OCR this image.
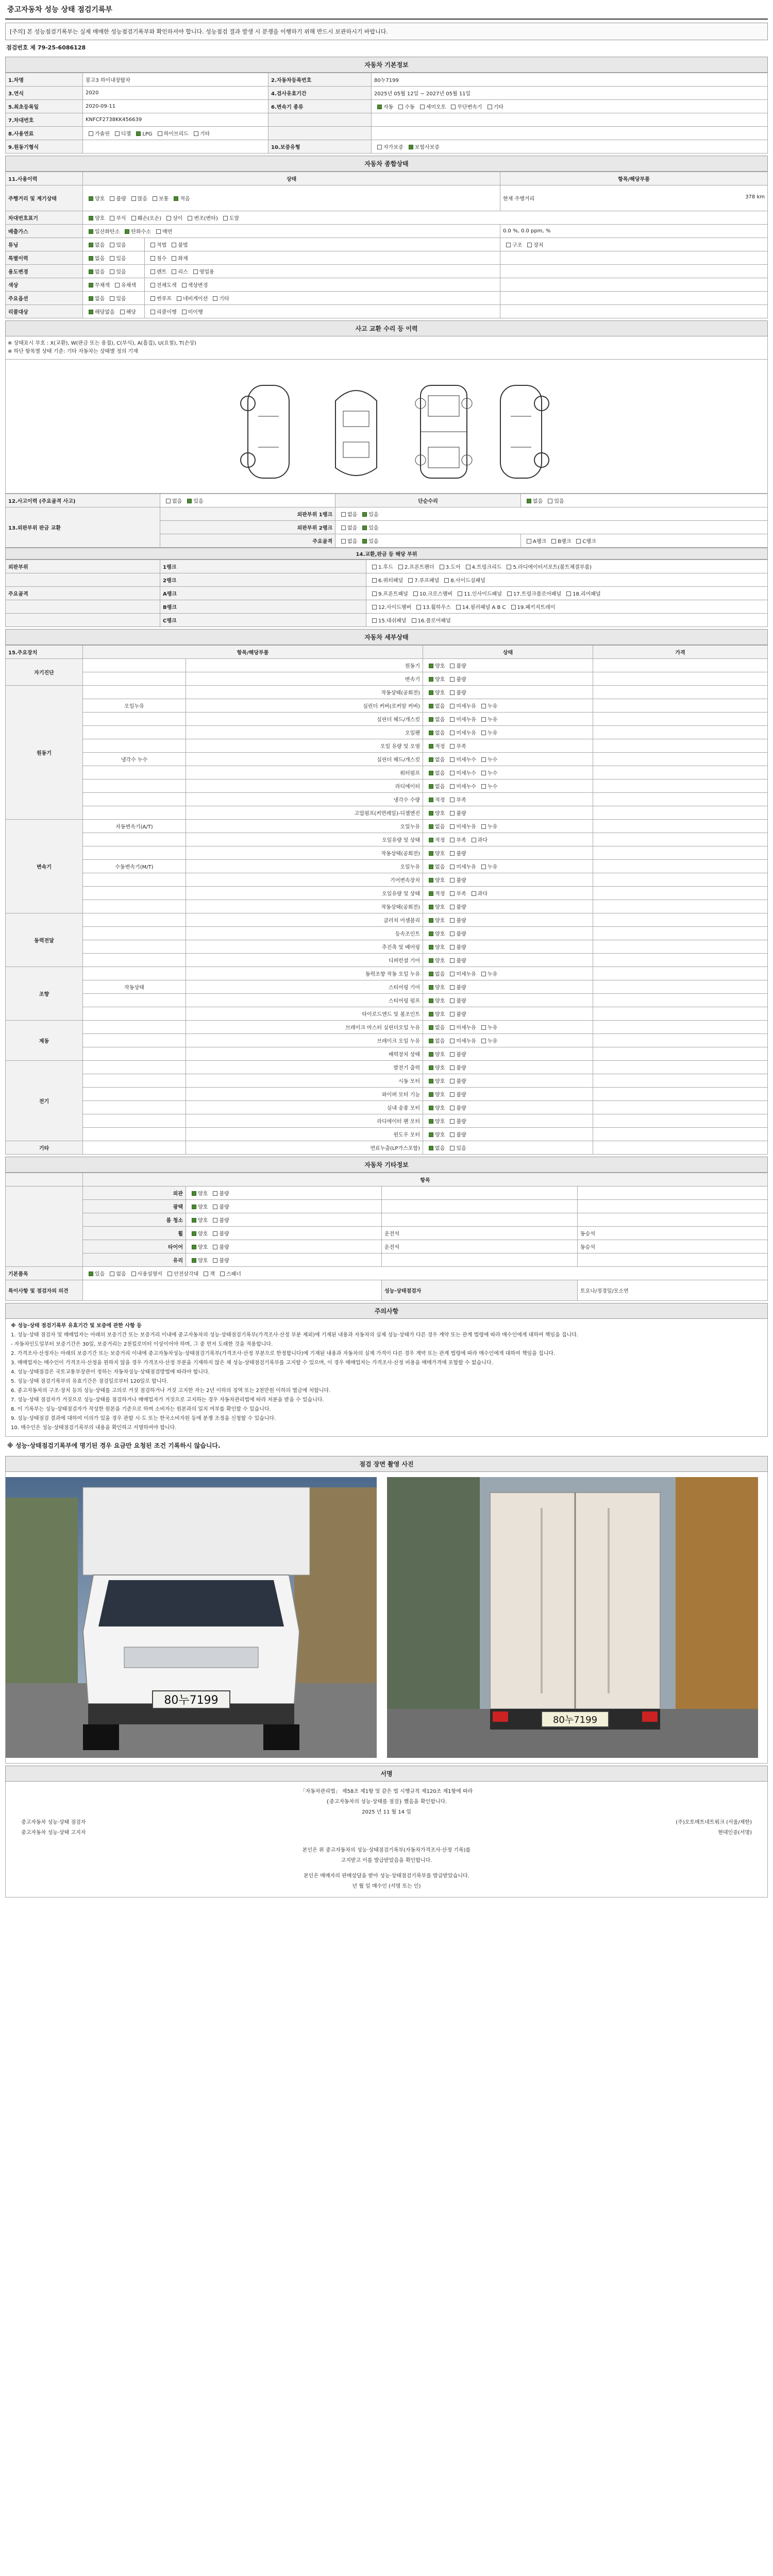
중고자동차 성능 상태 점검기록부
[주의] 본 성능점검기록부는 실제 매매한 성능점검기록부와 확인하셔야 합니다. 성능점검 결과 발생 시 분쟁을 이행하기 위해 반드시 보관하시기 바랍니다.
점검번호 제 79-25-6086128
자동차 기본정보
1.차명	봉고3 하이내장탑차	2.자동차등록번호	80누7199
3.연식	2020	4.검사유효기간	2025년 05월 12일 ~ 2027년 05월 11일
5.최초등록일	2020-09-11	6.변속기 종류	자동 수동 세미오토 무단변속기 기타
7.차대번호	KNFCF2738KK456639		
8.사용연료	가솔린 디젤 LPG 하이브리드 기타		
9.원동기형식		10.보증유형	자가보증 보험사보증
자동차 종합상태
11.사용이력	상태		항목/해당부품
주행거리 및 계기상태	양호 불량 많음 보통 적음		현재 주행거리 378 km

차대번호표기	양호 부식 훼손(오손) 상이 변조(변타) 도말		
배출가스	일산화탄소 탄화수소 매연		0.0 %, 0.0 ppm, %
튜닝	없음 있음	적법 불법	구조 장치
특별이력	없음 있음	침수 화재	
용도변경	없음 있음	렌트 리스 영업용	
색상	무채색 유채색	전체도색 색상변경	
주요옵션	없음 있음	썬루프 네비게이션 기타	
리콜대상	해당없음 해당	리콜이행 미이행	
사고 교환 수리 등 이력
※ 상태표시 부호 : X(교환), W(판금 또는 용접), C(부식), A(흠집), U(요철), T(손상)
※ 하단 항목별 상태 기준: 기타 자동차는 상태별 정의 기재
12.사고이력 (주요골격 사고)	없음 있음	단순수리	없음 있음
13.외판부위 판금 교환	외판부위 1랭크	없음 있음	
	외판부위 2랭크	없음 있음	
	주요골격	없음 있음	A랭크 B랭크 C랭크
14.교환,판금 등 해당 부위
외판부위	1랭크	1.후드 2.프론트펜더 3.도어 4.트렁크리드 5.라디에이터서포트(볼트체결부품)
	2랭크	6.쿼터패널 7.루프패널 8.사이드실패널
주요골격	A랭크	9.프론트패널 10.크로스멤버 11.인사이드패널 17.트렁크플로어패널 18.리어패널
	B랭크	12.사이드멤버 13.휠하우스 14.필러패널 A B C 19.패키지트레이
	C랭크	15.대쉬패널 16.플로어패널
자동차 세부상태
15.주요장치	항목/해당부품		상태	가격
자기진단		원동기	양호 불량	
		변속기	양호 불량	
원동기		작동상태(공회전)	양호 불량	
	오일누유	실린더 커버(로커암 커버)	없음 미세누유 누유	
		실린더 헤드/개스킷	없음 미세누유 누유	
		오일팬	없음 미세누유 누유	
		오일 유량 및 오염	적정 부족	
	냉각수 누수	실린더 헤드/개스킷	없음 미세누수 누수	
		워터펌프	없음 미세누수 누수	
		라디에이터	없음 미세누수 누수	
		냉각수 수량	적정 부족	
		고압펌프(커먼레일)-디젤엔진	양호 불량	
변속기	자동변속기(A/T)	오일누유	없음 미세누유 누유	
		오일유량 및 상태	적정 부족 과다	
		작동상태(공회전)	양호 불량	
	수동변속기(M/T)	오일누유	없음 미세누유 누유	
		기어변속장치	양호 불량	
		오일유량 및 상태	적정 부족 과다	
		작동상태(공회전)	양호 불량	
동력전달		클러치 어셈블리	양호 불량	
		등속조인트	양호 불량	
		추진축 및 베어링	양호 불량	
		디퍼런셜 기어	양호 불량	
조향		동력조향 작동 오일 누유	없음 미세누유 누유	
	작동상태	스티어링 기어	양호 불량	
		스티어링 펌프	양호 불량	
		타이로드엔드 및 볼조인트	양호 불량	
제동		브레이크 마스터 실린더오일 누유	없음 미세누유 누유	
		브레이크 오일 누유	없음 미세누유 누유	
		배력장치 상태	양호 불량	
전기		발전기 출력	양호 불량	
		시동 모터	양호 불량	
		와이퍼 모터 기능	양호 불량	
		실내 송풍 모터	양호 불량	
		라디에이터 팬 모터	양호 불량	
		윈도우 모터	양호 불량	
기타		연료누출(LP가스포함)	없음 있음	
자동차 기타정보
	항목			
	외관	양호 불량		
	광택	양호 불량		
	룸 청소	양호 불량		
	휠	양호 불량	운전석	동승석
	타이어	양호 불량	운전석	동승석
	유리	양호 불량		
기본품목	있음 없음 사용설명서 안전삼각대 잭 스패너			
특이사항 및 점검자의 의견			성능·상태점검자	토요나/정경일/모소연
주의사항

※ 성능·상태 점검기록부 유효기간 및 보증에 관한 사항 등

1. 성능·상태 점검자 및 매매업자는 아래의 보증기간 또는 보증거리 이내에 중고자동차의 성능·상태점검기록부(가격조사·산정 부분 제외)에 기재된 내용과 자동차의 실제 성능·상태가 다른 경우 계약 또는 관계 법령에 따라 매수인에게 대하여 책임을 집니다.

- 자동차인도일부터 보증기간은 30일, 보증거리는 2천킬로미터 이상이어야 하며, 그 중 먼저 도래한 것을 적용합니다.

2. 가격조사·산정자는 아래의 보증기간 또는 보증거리 이내에 중고자동차성능·상태점검기록부(가격조사·산정 부분으로 한정합니다)에 기재된 내용과 자동차의 실제 가격이 다른 경우 계약 또는 관계 법령에 따라 매수인에게 대하여 책임을 집니다.

3. 매매업자는 매수인이 가격조사·산정을 원하지 않을 경우 가격조사·산정 부분을 기재하지 않은 채 성능·상태점검기록부를 고지할 수 있으며, 이 경우 매매업자는 가격조사·산정 비용을 매매가격에 포함할 수 없습니다.

4. 성능·상태점검은 국토교통부장관이 정하는 자동차성능·상태점검방법에 따라야 합니다.

5. 성능·상태 점검기록부의 유효기간은 점검일로부터 120일로 합니다.

6. 중고자동차의 구조·장치 등의 성능·상태를 고의로 거짓 점검하거나 거짓 고지한 자는 2년 이하의 징역 또는 2천만원 이하의 벌금에 처합니다.

7. 성능·상태 점검자가 거짓으로 성능·상태를 점검하거나 매매업자가 거짓으로 고지하는 경우 자동차관리법에 따라 처분을 받을 수 있습니다.

8. 이 기록부는 성능·상태점검자가 작성한 원본을 기준으로 하며 소비자는 원본과의 일치 여부를 확인할 수 있습니다.

9. 성능·상태점검 결과에 대하여 이의가 있을 경우 관할 시·도 또는 한국소비자원 등에 분쟁 조정을 신청할 수 있습니다.

10. 매수인은 성능·상태점검기록부의 내용을 확인하고 서명하여야 합니다.

※ 성능·상태점검기록부에 명기된 경우 요금만 요청된 조건 기록하시 않습니다.
점검 장면 촬영 사진
80누7199
80누7199
서명
「자동차관리법」 제58조 제1항 및 같은 법 시행규칙 제120조 제1항에 따라
{중고자동차의 성능·상태를 점검} 했음을 확인합니다.
2025 년 11 월 14 일
중고자동차 성능·상태 점검자	(주)오토매트네트워크 (서울/제한)
중고자동차 성능·상태 고지자	현대인증(서명)
본인은 위 중고자동차의 성능·상태점검기록부(자동차가격조사·산정 기록)를
고지받고 이를 발급받았음을 확인합니다.
본인은 매매자의 판매상담을 받아 성능·상태점검기록부를 발급받았습니다.
년 월 일 매수인 (서명 또는 인)
